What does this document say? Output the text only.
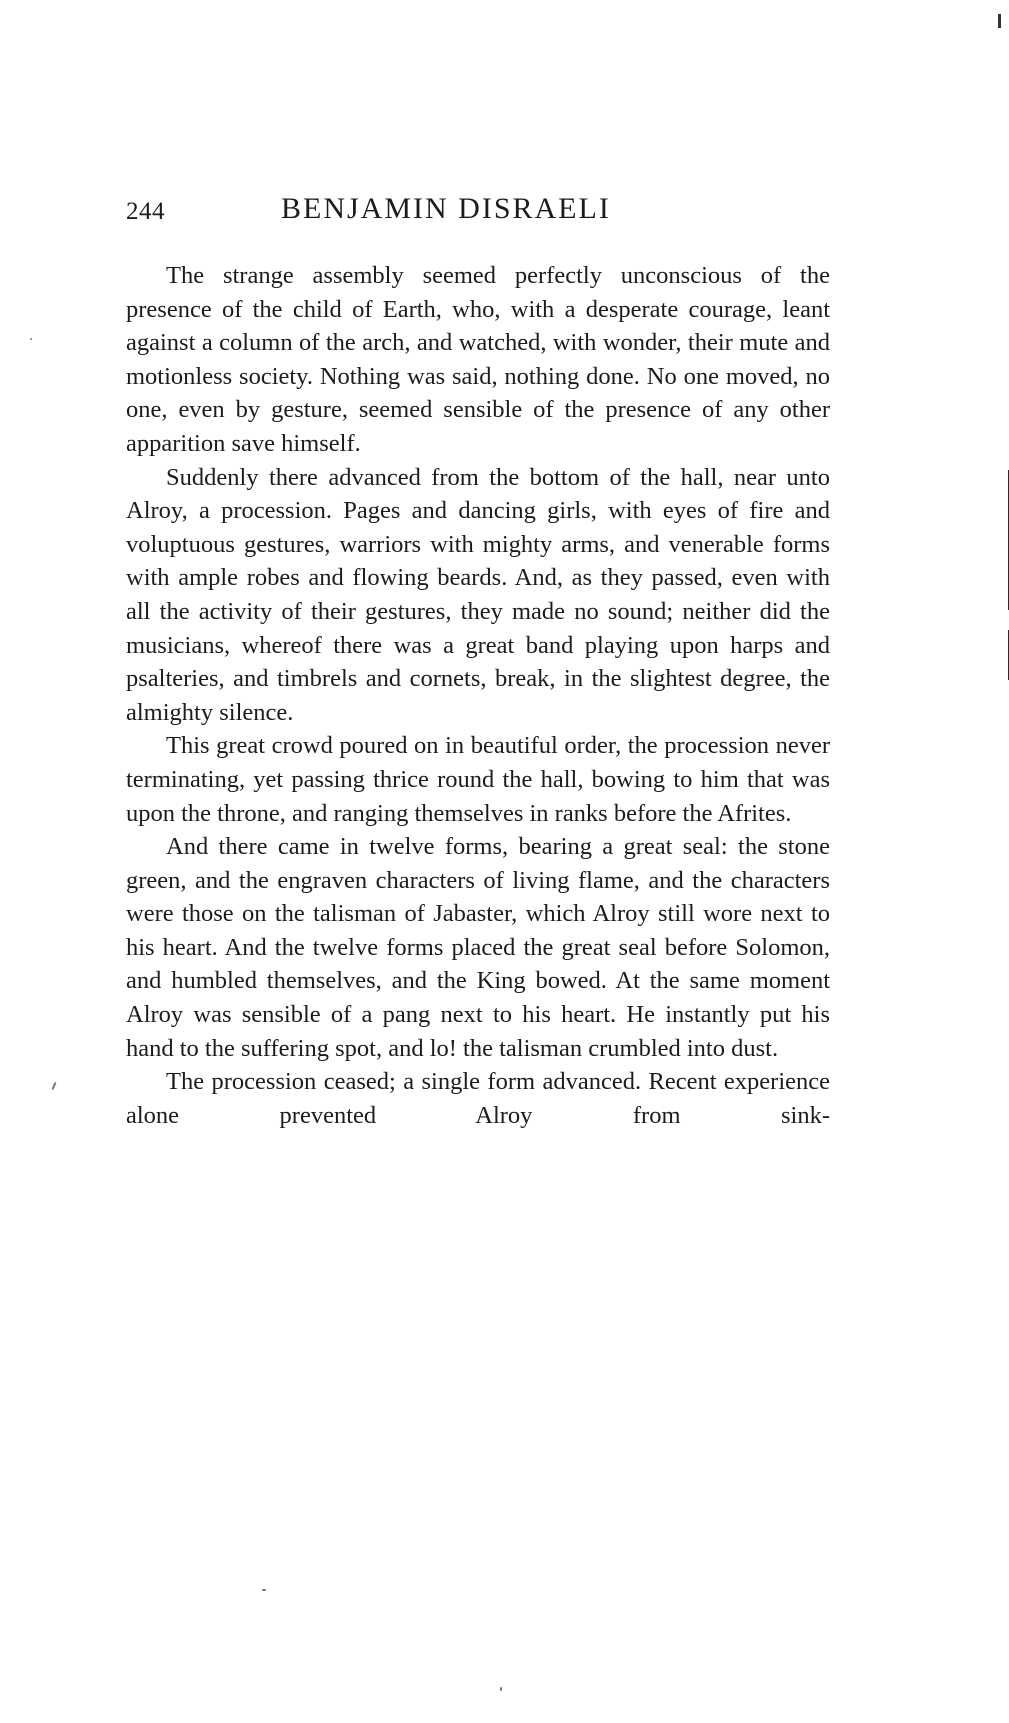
244	BENJAMIN DISRAELI

The strange assembly seemed perfectly unconscious of the presence of the child of Earth, who, with a desperate courage, leant against a column of the arch, and watched, with wonder, their mute and motionless society. Nothing was said, nothing done. No one moved, no one, even by gesture, seemed sensible of the presence of any other apparition save himself.

Suddenly there advanced from the bottom of the hall, near unto Alroy, a procession. Pages and dancing girls, with eyes of fire and voluptuous gestures, warriors with mighty arms, and venerable forms with ample robes and flowing beards. And, as they passed, even with all the activity of their gestures, they made no sound; neither did the musicians, whereof there was a great band playing upon harps and psalteries, and timbrels and cornets, break, in the slightest degree, the almighty silence.

This great crowd poured on in beautiful order, the procession never terminating, yet passing thrice round the hall, bowing to him that was upon the throne, and ranging themselves in ranks before the Afrites.

And there came in twelve forms, bearing a great seal: the stone green, and the engraven characters of living flame, and the characters were those on the talisman of Jabaster, which Alroy still wore next to his heart. And the twelve forms placed the great seal before Solomon, and humbled themselves, and the King bowed. At the same moment Alroy was sensible of a pang next to his heart. He instantly put his hand to the suffering spot, and lo! the talisman crumbled into dust.

The procession ceased; a single form advanced. Recent experience alone prevented Alroy from sink-
